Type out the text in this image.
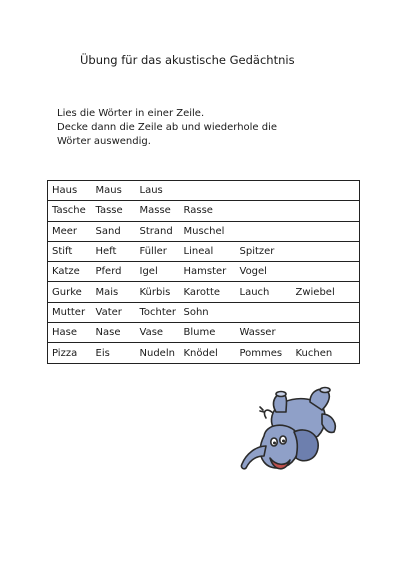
Übung für das akustische Gedächtnis
Lies die Wörter in einer Zeile.
Decke dann die Zeile ab und wiederhole die
Wörter auswendig.
Haus	Maus	Laus			
Tasche	Tasse	Masse	Rasse		
Meer	Sand	Strand	Muschel		
Stift	Heft	Füller	Lineal	Spitzer	
Katze	Pferd	Igel	Hamster	Vogel	
Gurke	Mais	Kürbis	Karotte	Lauch	Zwiebel
Mutter	Vater	Tochter	Sohn		
Hase	Nase	Vase	Blume	Wasser	
Pizza	Eis	Nudeln	Knödel	Pommes	Kuchen
